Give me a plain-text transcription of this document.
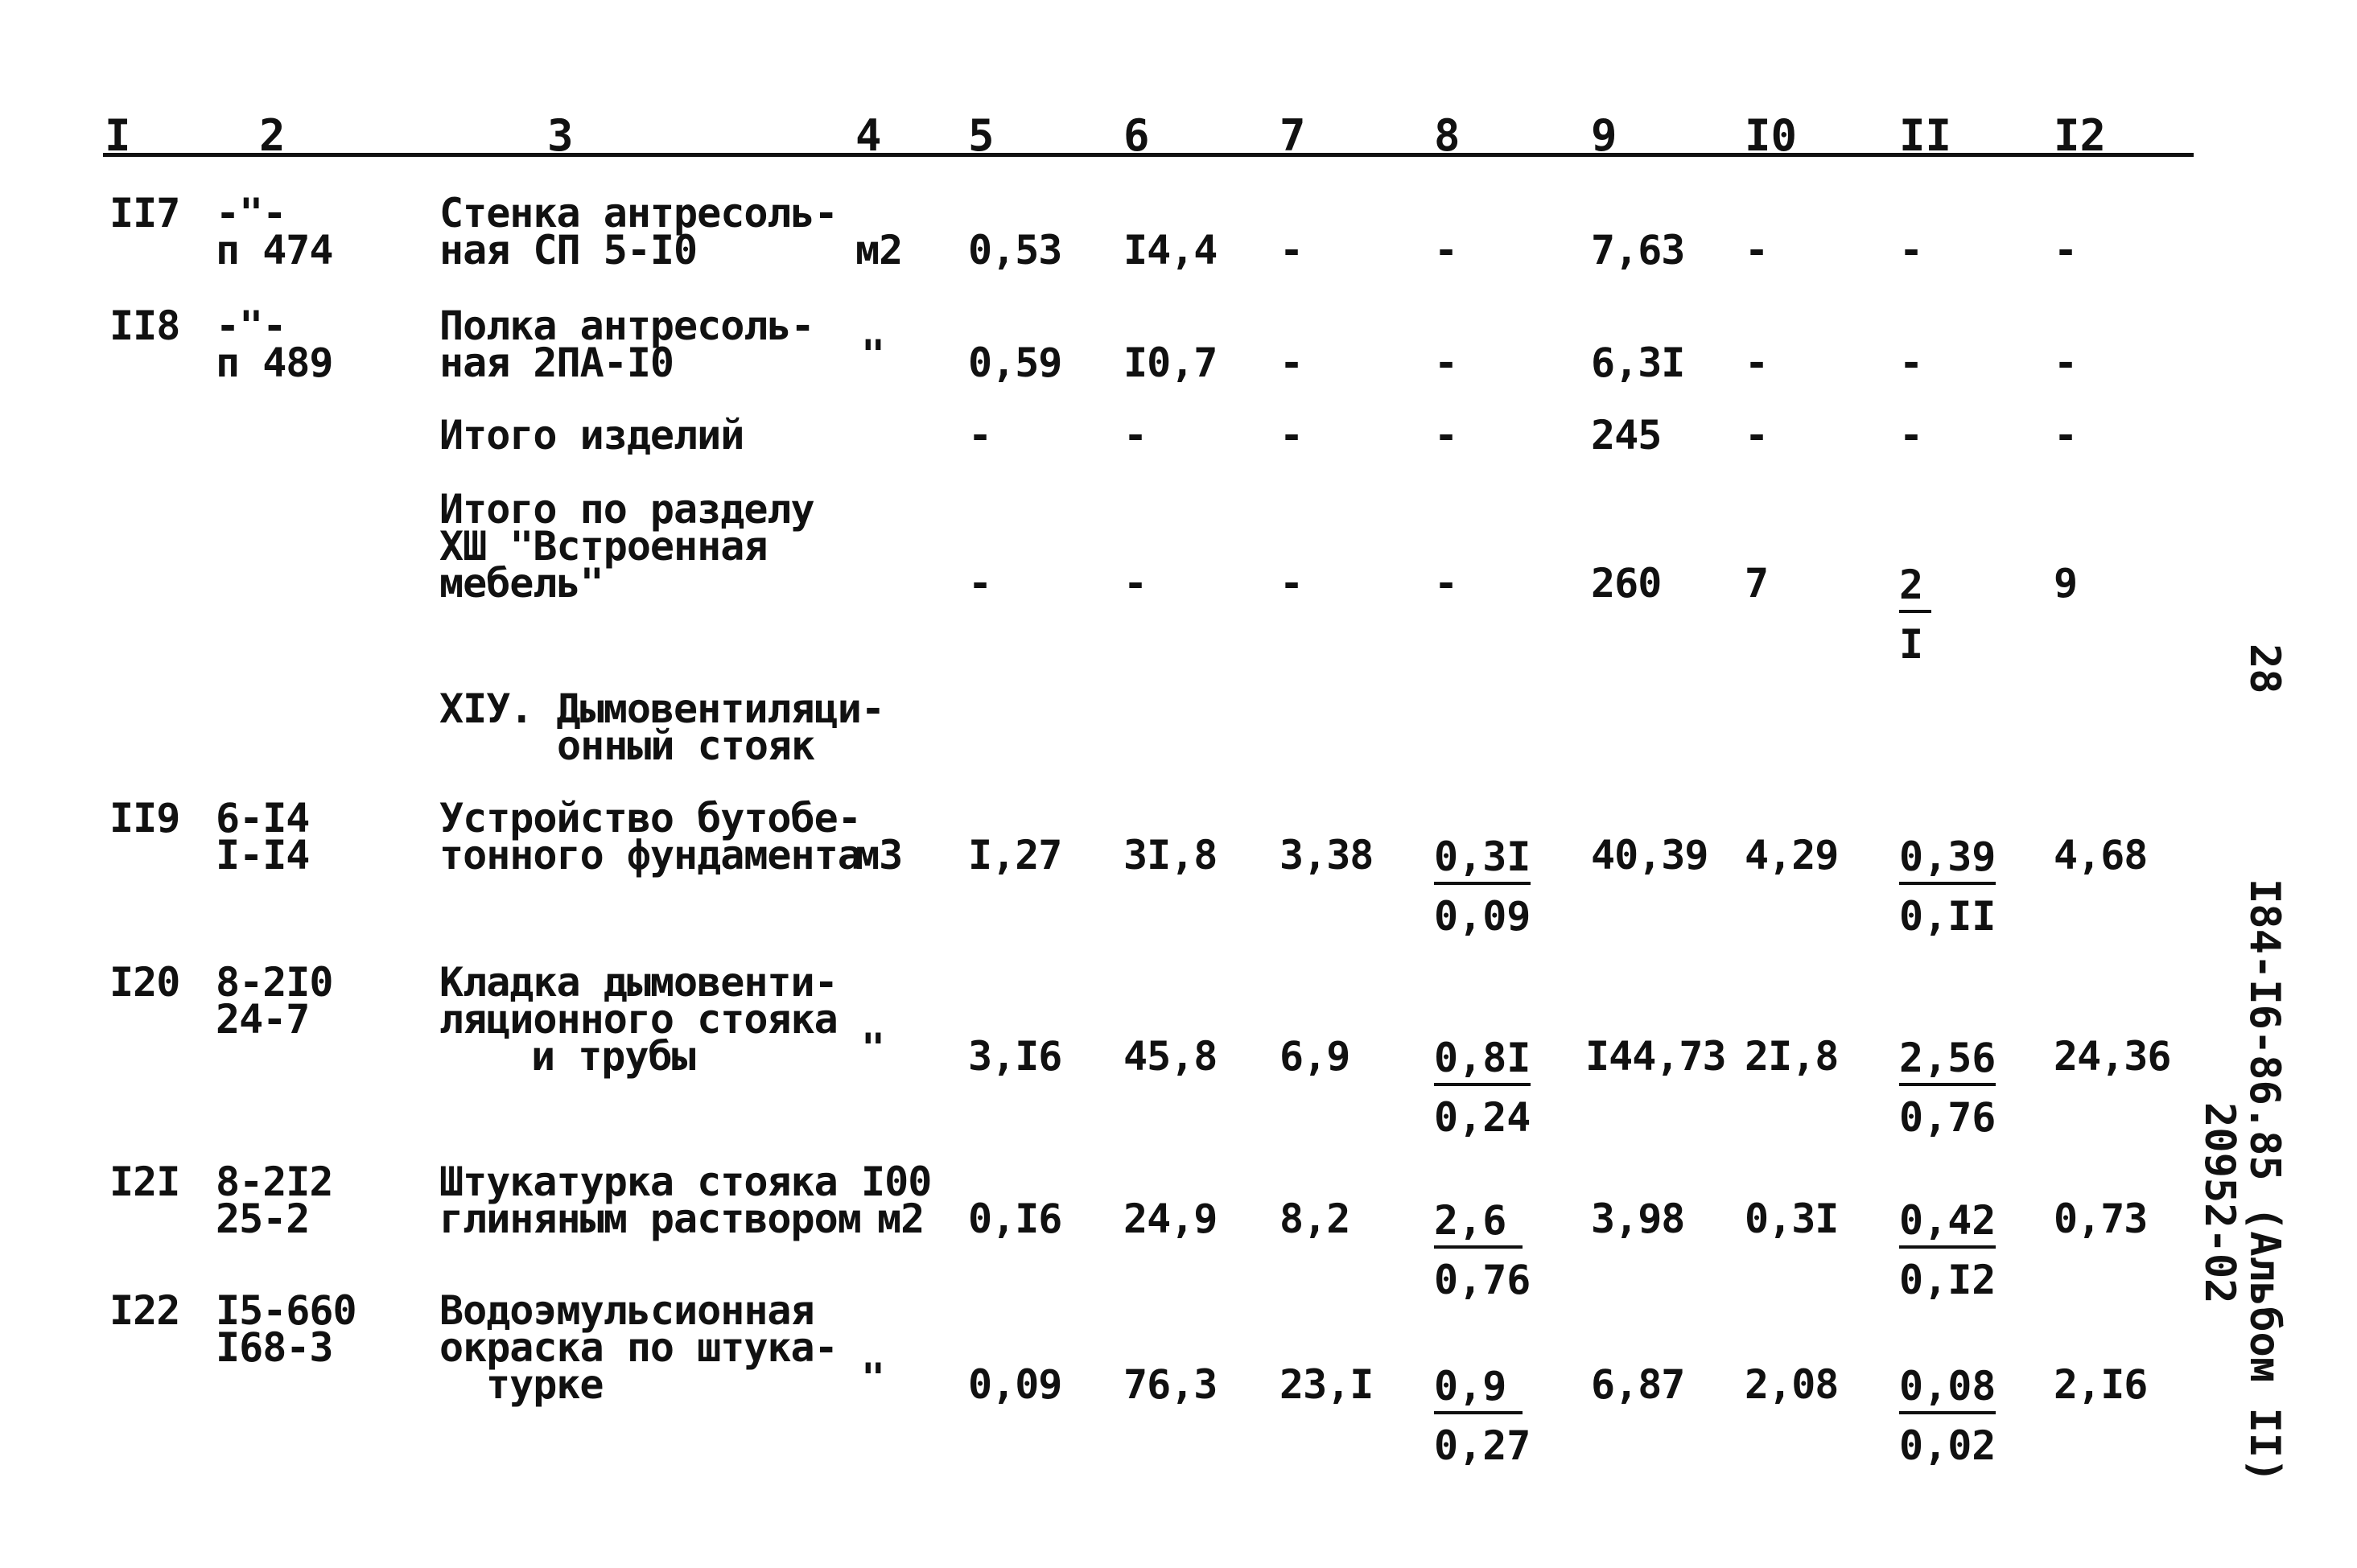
I	2	3	4 5	6	7	8	9	I0 II I2
II7 -"-
п 474
Стенка антресоль-
ная СП 5-I0	м2 0,53 I4,4 -	-	7,63 -	-	-
II8 -"-
п 489
Полка антресоль-
ная 2ПА-I0	" 0,59 I0,7 -	-	6,3I -	-	-
Итого изделий	-	-	-	-	245 -	-	-
Итого по разделу
ХШ "Встроенная
мебель"	-	-	-	-	260 7	$\frac{2}{I} 9$
ХIУ. Дымовентиляци-
онный стояк
II9 6-I4
I-I4
Устройство бутобе-
тонного фундамента
м3 I,27 3I,8 $3,38 \frac{0,3I}{0,09} 40,39$ $4,29 \frac{0,39}{0,II} 4,68$
I20 8-2I0
24-7
Кладка дымовенти-
ляционного стояка
и трубы	" 3,I6 45,8 $6,9 \frac{0,8I}{0,24} I44,73$ $2I,8 \frac{2,56}{0,76} 24,36$
I2I 8-2I2
25-2
Штукатурка стояка
глиняным раствором
I00
м2 0,I6 24,9 $8,2 \frac{2,6}{0,76} 3,98$ $0,3I \frac{0,42}{0,I2} 0,73$
I22 I5-660
I68-3
Водоэмульсионная
окраска по штука-
турке	" 0,09 76,3 $23,I \frac{0,9}{0,27} 6,87$ $2,08 \frac{0,08}{0,02} 2,I6$
28
I84-I6-86.85 (Альбом II)
20952-02
